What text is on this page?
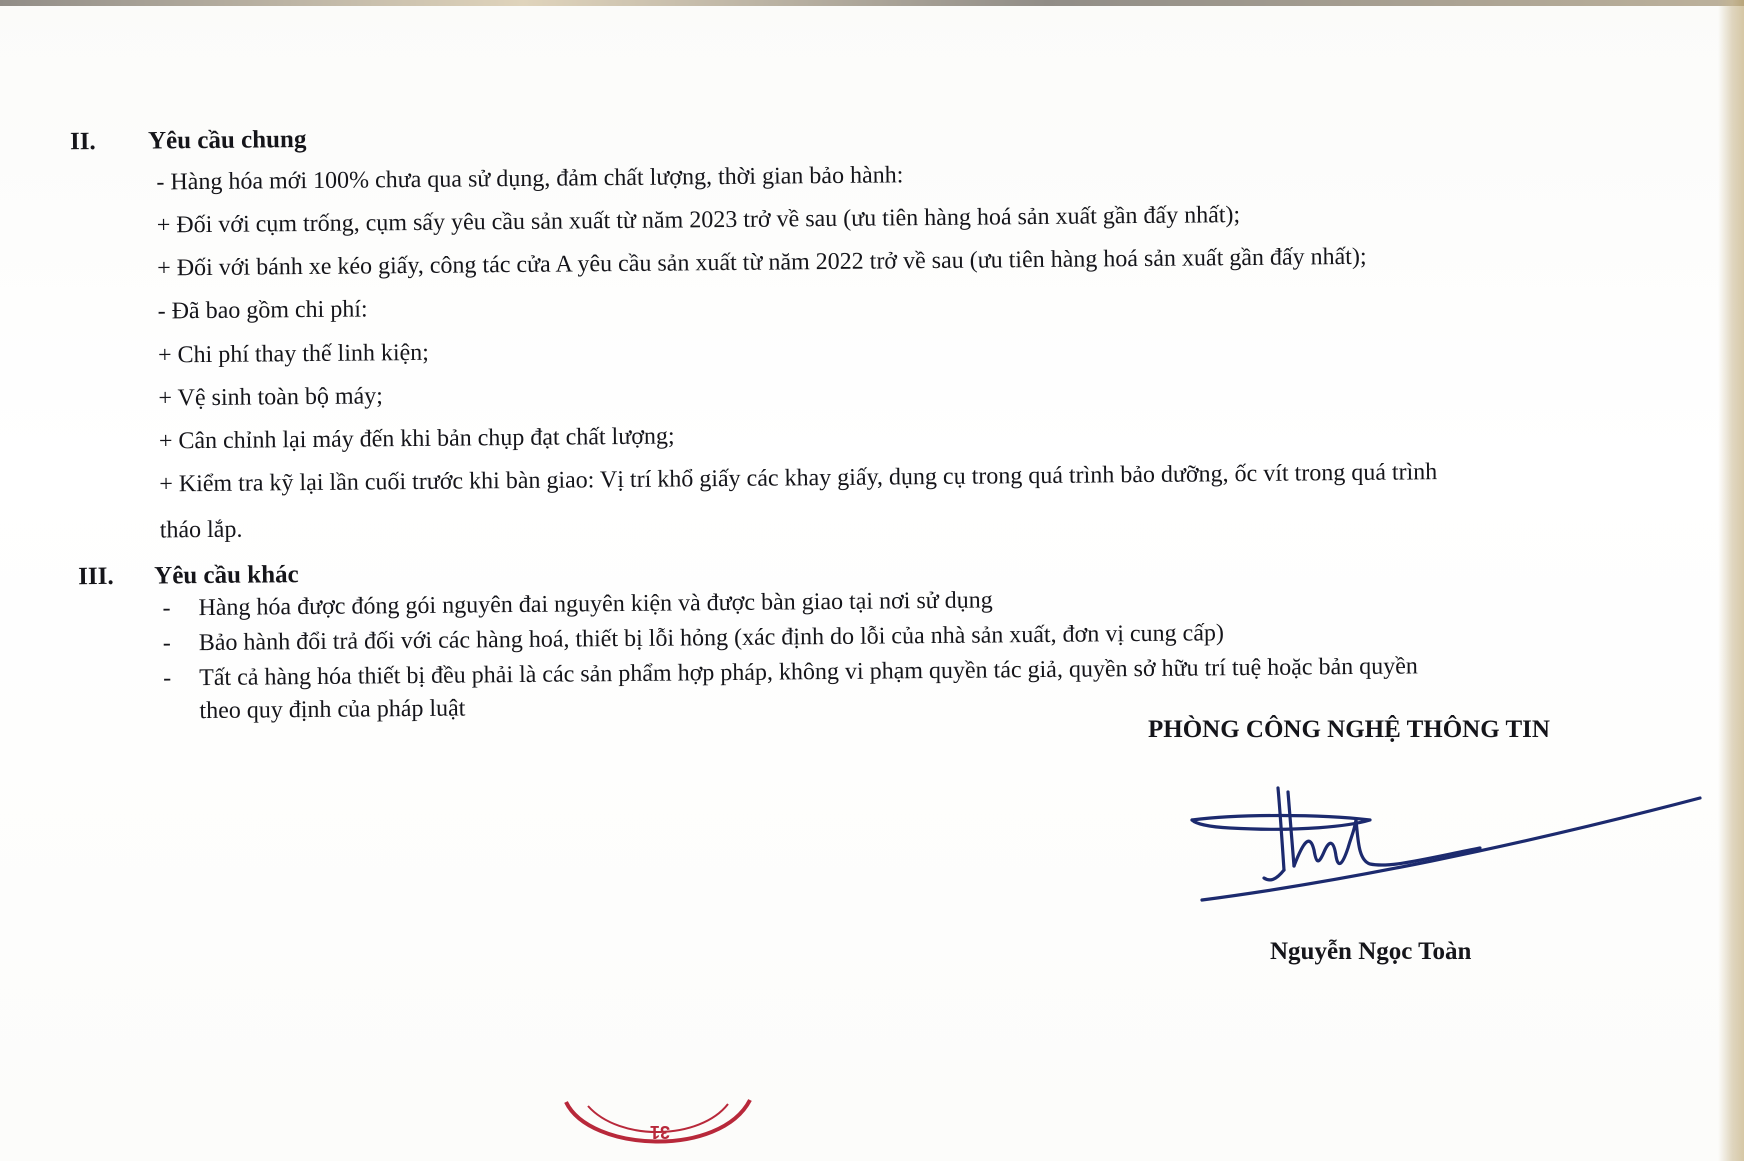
II. Yêu cầu chung
- Hàng hóa mới 100% chưa qua sử dụng, đảm chất lượng, thời gian bảo hành:
+ Đối với cụm trống, cụm sấy yêu cầu sản xuất từ năm 2023 trở về sau (ưu tiên hàng hoá sản xuất gần đấy nhất);
+ Đối với bánh xe kéo giấy, công tác cửa A yêu cầu sản xuất từ năm 2022 trở về sau (ưu tiên hàng hoá sản xuất gần đấy nhất);
- Đã bao gồm chi phí:
+ Chi phí thay thế linh kiện;
+ Vệ sinh toàn bộ máy;
+ Cân chỉnh lại máy đến khi bản chụp đạt chất lượng;
+ Kiểm tra kỹ lại lần cuối trước khi bàn giao: Vị trí khổ giấy các khay giấy, dụng cụ trong quá trình bảo dưỡng, ốc vít trong quá trình
tháo lắp.
III. Yêu cầu khác
- Hàng hóa được đóng gói nguyên đai nguyên kiện và được bàn giao tại nơi sử dụng
- Bảo hành đổi trả đối với các hàng hoá, thiết bị lỗi hỏng (xác định do lỗi của nhà sản xuất, đơn vị cung cấp)
- Tất cả hàng hóa thiết bị đều phải là các sản phẩm hợp pháp, không vi phạm quyền tác giả, quyền sở hữu trí tuệ hoặc bản quyền
theo quy định của pháp luật
PHÒNG CÔNG NGHỆ THÔNG TIN
Nguyễn Ngọc Toàn
31
